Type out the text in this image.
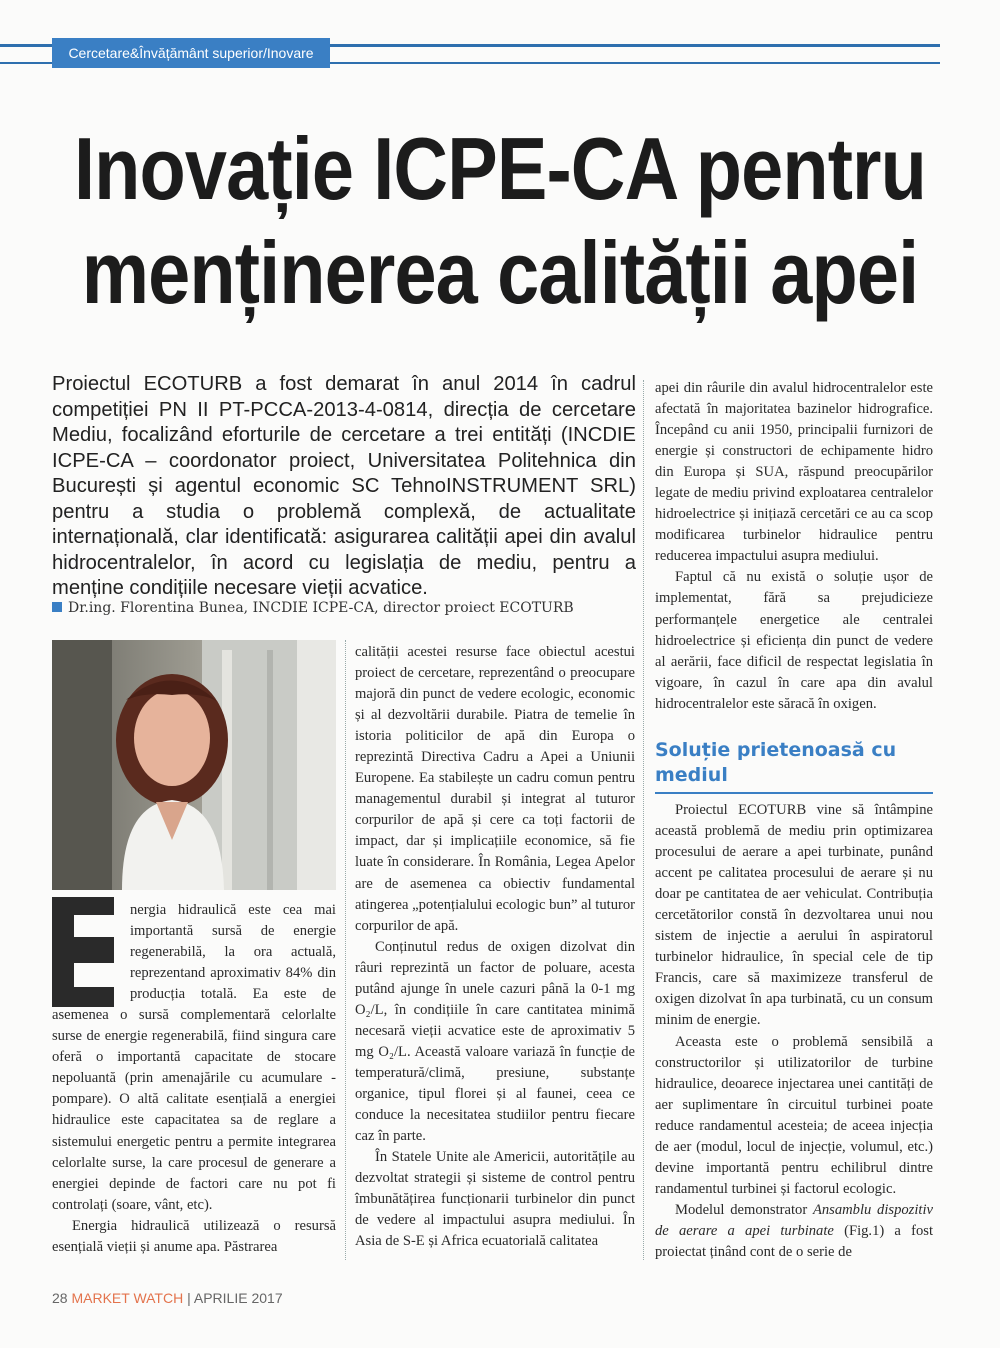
Cercetare&Învățământ superior/Inovare
Inovație ICPE-CA pentru
menținerea calității apei
Proiectul ECOTURB a fost demarat în anul 2014 în cadrul competiției PN II PT-PCCA-2013-4-0814, direcția de cercetare Mediu, focalizând eforturile de cercetare a trei entități (INCDIE ICPE-CA – coordonator proiect, Universitatea Politehnica din București și agentul economic SC TehnoINSTRUMENT SRL) pentru a studia o problemă complexă, de actualitate internațională, clar identificată: asigurarea calității apei din avalul hidrocentralelor, în acord cu legislația de mediu, pentru a menține condițiile necesare vieții acvatice.
Dr.ing. Florentina Bunea, INCDIE ICPE-CA, director proiect ECOTURB

nergia hidraulică este cea mai importantă sursă de energie regenerabilă, la ora actuală, reprezentand aproximativ 84% din producția totală. Ea este de asemenea o sursă complementară celorlalte surse de energie regenerabilă, fiind singura care oferă o importantă capacitate de stocare nepoluantă (prin amenajările cu acumulare - pompare). O altă calitate esențială a energiei hidraulice este capacitatea sa de reglare a sistemului energetic pentru a permite integrarea celorlalte surse, la care procesul de generare a energiei depinde de factori care nu pot fi controlați (soare, vânt, etc).

Energia hidraulică utilizează o resursă esențială vieții și anume apa. Păstrarea

calității acestei resurse face obiectul acestui proiect de cercetare, reprezentând o preocupare majoră din punct de vedere ecologic, economic și al dezvoltării durabile. Piatra de temelie în istoria politicilor de apă din Europa o reprezintă Directiva Cadru a Apei a Uniunii Europene. Ea stabilește un cadru comun pentru managementul durabil și integrat al tuturor corpurilor de apă și cere ca toți factorii de impact, dar și implicațiile economice, să fie luate în considerare. În România, Legea Apelor are de asemenea ca obiectiv fundamental atingerea „potențialului ecologic bun” al tuturor corpurilor de apă.

Conținutul redus de oxigen dizolvat din râuri reprezintă un factor de poluare, acesta putând ajunge în unele cazuri până la 0-1 mg O₂/L, în condițiile în care cantitatea minimă necesară vieții acvatice este de aproximativ 5 mg O₂/L. Această valoare variază în funcție de temperatură/climă, presiune, substanțe organice, tipul florei și al faunei, ceea ce conduce la necesitatea studiilor pentru fiecare caz în parte.

În Statele Unite ale Americii, autoritățile au dezvoltat strategii și sisteme de control pentru îmbunătățirea funcționarii turbinelor din punct de vedere al impactului asupra mediului. În Asia de S-E și Africa ecuatorială calitatea

apei din râurile din avalul hidrocentralelor este afectată în majoritatea bazinelor hidrografice. Începând cu anii 1950, principalii furnizori de energie și constructori de echipamente hidro din Europa și SUA, răspund preocupărilor legate de mediu privind exploatarea centralelor hidroelectrice și inițiază cercetări ce au ca scop modificarea turbinelor hidraulice pentru reducerea impactului asupra mediului.

Faptul că nu există o soluție ușor de implementat, fără sa prejudicieze performanțele energetice ale centralei hidroelectrice și eficiența din punct de vedere al aerării, face dificil de respectat legislatia în vigoare, în cazul în care apa din avalul hidrocentralelor este săracă în oxigen.

Soluție prietenoasă cu mediul

Proiectul ECOTURB vine să întâmpine această problemă de mediu prin optimizarea procesului de aerare a apei turbinate, punând accent pe calitatea procesului de aerare și nu doar pe cantitatea de aer vehiculat. Contribuția cercetătorilor constă în dezvoltarea unui nou sistem de injectie a aerului în aspiratorul turbinelor hidraulice, în special cele de tip Francis, care să maximizeze transferul de oxigen dizolvat în apa turbinată, cu un consum minim de energie.

Aceasta este o problemă sensibilă a constructorilor și utilizatorilor de turbine hidraulice, deoarece injectarea unei cantități de aer suplimentare în circuitul turbinei poate reduce randamentul acesteia; de aceea injecția de aer (modul, locul de injecție, volumul, etc.) devine importantă pentru echilibrul dintre randamentul turbinei și factorul ecologic.

Modelul demonstrator Ansamblu dispozitiv de aerare a apei turbinate (Fig.1) a fost proiectat ținând cont de o serie de

28 MARKET WATCH | APRILIE 2017
